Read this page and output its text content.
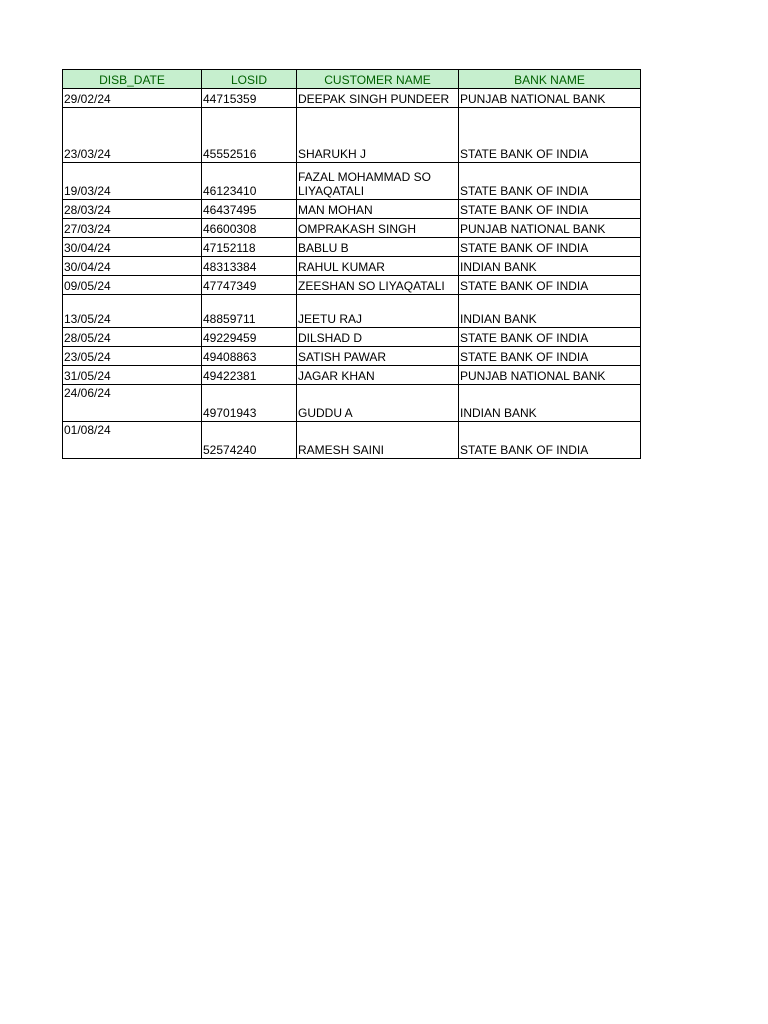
DISB_DATE	LOSID	CUSTOMER NAME	BANK NAME
29/02/24	44715359	DEEPAK SINGH PUNDEER	PUNJAB NATIONAL BANK
23/03/24	45552516	SHARUKH J	STATE BANK OF INDIA
19/03/24	46123410	FAZAL MOHAMMAD SO LIYAQATALI	STATE BANK OF INDIA
28/03/24	46437495	MAN MOHAN	STATE BANK OF INDIA
27/03/24	46600308	OMPRAKASH SINGH	PUNJAB NATIONAL BANK
30/04/24	47152118	BABLU B	STATE BANK OF INDIA
30/04/24	48313384	RAHUL KUMAR	INDIAN BANK
09/05/24	47747349	ZEESHAN SO LIYAQATALI	STATE BANK OF INDIA
13/05/24	48859711	JEETU RAJ	INDIAN BANK
28/05/24	49229459	DILSHAD D	STATE BANK OF INDIA
23/05/24	49408863	SATISH PAWAR	STATE BANK OF INDIA
31/05/24	49422381	JAGAR KHAN	PUNJAB NATIONAL BANK
24/06/24	49701943	GUDDU A	INDIAN BANK
01/08/24	52574240	RAMESH SAINI	STATE BANK OF INDIA
